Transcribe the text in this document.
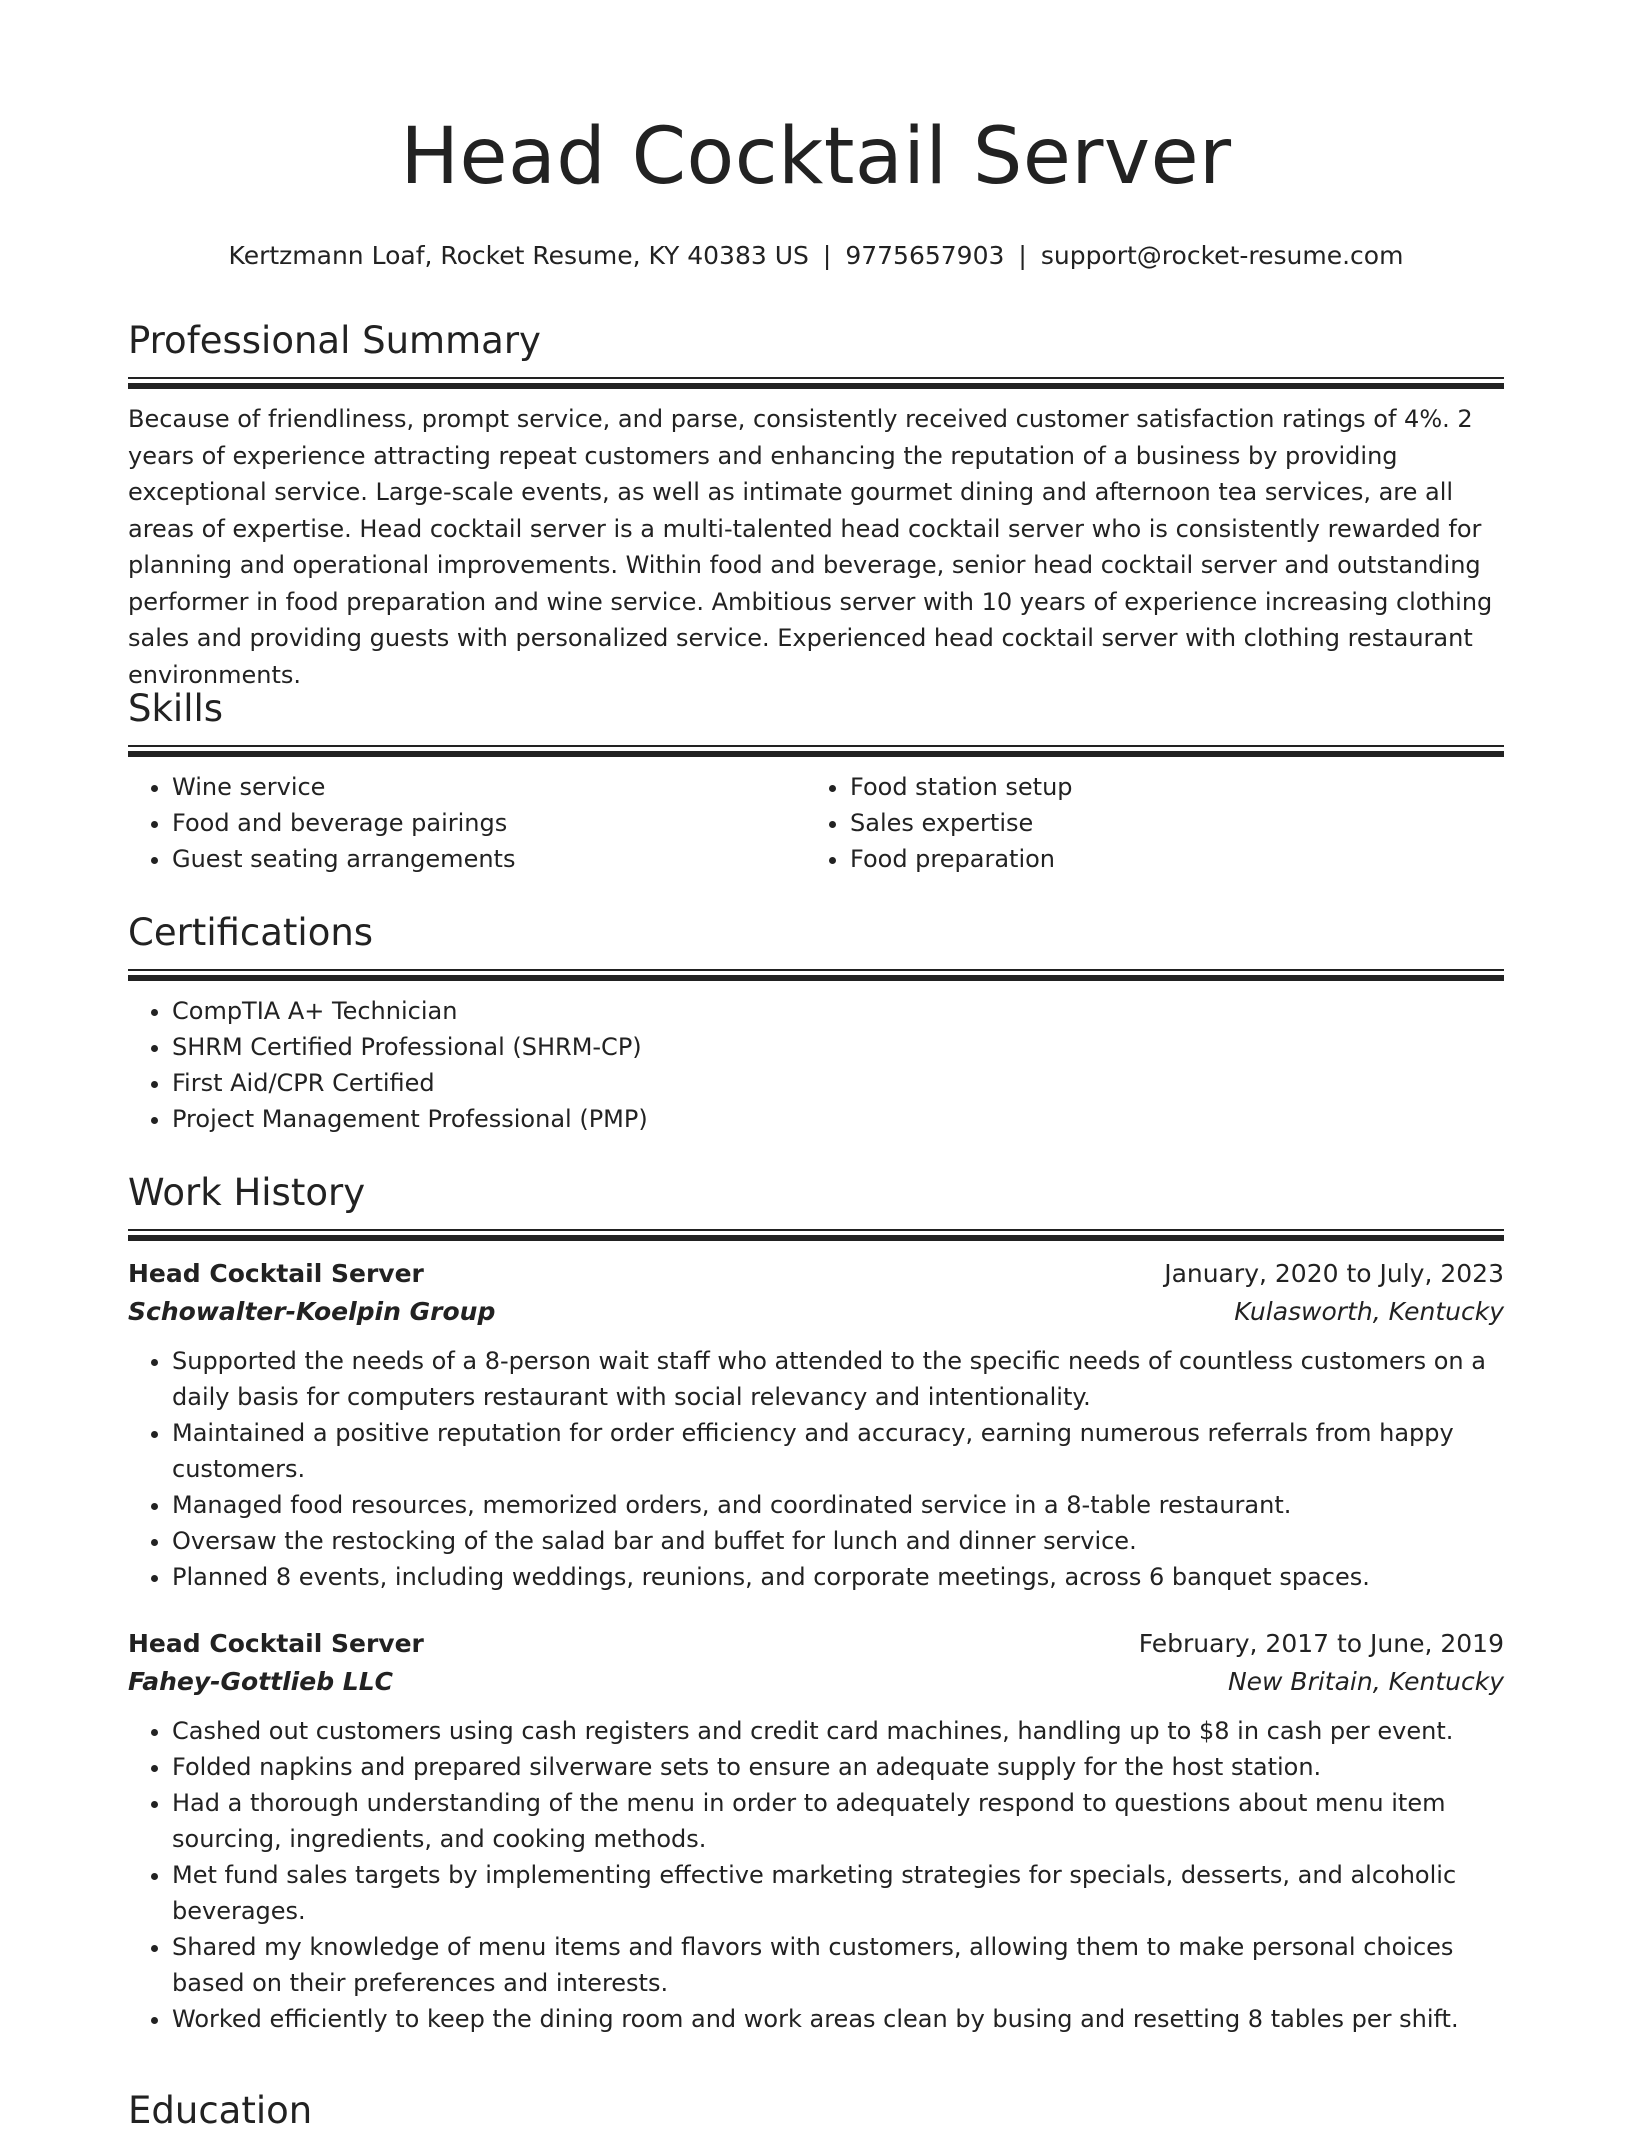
Head Cocktail Server
Kertzmann Loaf, Rocket Resume, KY 40383 US | 9775657903 | support@rocket-resume.com
Professional Summary

Because of friendliness, prompt service, and parse, consistently received customer satisfaction ratings of 4%. 2 years of experience attracting repeat customers and enhancing the reputation of a business by providing exceptional service. Large-scale events, as well as intimate gourmet dining and afternoon tea services, are all areas of expertise. Head cocktail server is a multi-talented head cocktail server who is consistently rewarded for planning and operational improvements. Within food and beverage, senior head cocktail server and outstanding performer in food preparation and wine service. Ambitious server with 10 years of experience increasing clothing sales and providing guests with personalized service. Experienced head cocktail server with clothing restaurant environments.

Skills
• Wine service
• Food and beverage pairings
• Guest seating arrangements
• Food station setup
• Sales expertise
• Food preparation
Certifications
• CompTIA A+ Technician
• SHRM Certified Professional (SHRM-CP)
• First Aid/CPR Certified
• Project Management Professional (PMP)
Work History
Head Cocktail Server	January, 2020 to July, 2023
Schowalter-Koelpin Group	Kulasworth, Kentucky
• Supported the needs of a 8-person wait staff who attended to the specific needs of countless customers on a daily basis for computers restaurant with social relevancy and intentionality.
• Maintained a positive reputation for order efficiency and accuracy, earning numerous referrals from happy customers.
• Managed food resources, memorized orders, and coordinated service in a 8-table restaurant.
• Oversaw the restocking of the salad bar and buffet for lunch and dinner service.
• Planned 8 events, including weddings, reunions, and corporate meetings, across 6 banquet spaces.
Head Cocktail Server	February, 2017 to June, 2019
Fahey-Gottlieb LLC	New Britain, Kentucky
• Cashed out customers using cash registers and credit card machines, handling up to $8 in cash per event.
• Folded napkins and prepared silverware sets to ensure an adequate supply for the host station.
• Had a thorough understanding of the menu in order to adequately respond to questions about menu item sourcing, ingredients, and cooking methods.
• Met fund sales targets by implementing effective marketing strategies for specials, desserts, and alcoholic beverages.
• Shared my knowledge of menu items and flavors with customers, allowing them to make personal choices based on their preferences and interests.
• Worked efficiently to keep the dining room and work areas clean by busing and resetting 8 tables per shift.
Education
